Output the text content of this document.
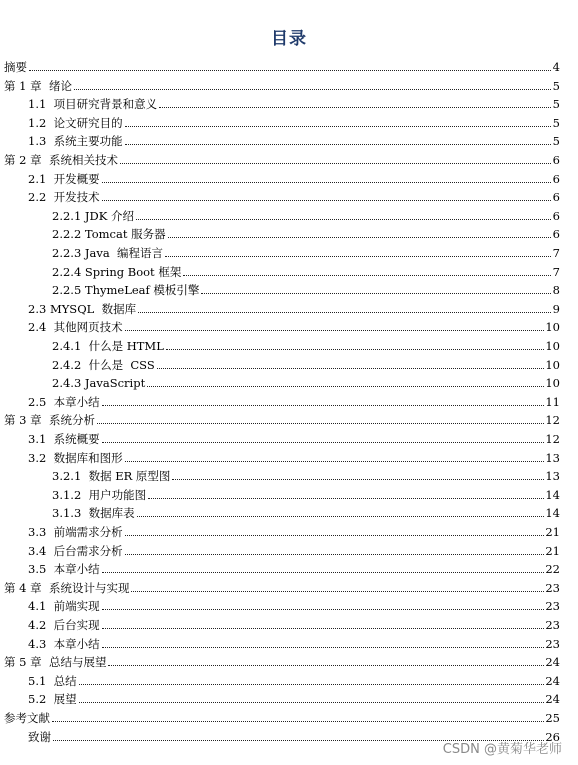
目录
摘要	4
第 1 章  绪论	5
1.1  项目研究背景和意义	5
1.2  论文研究目的	5
1.3  系统主要功能	5
第 2 章  系统相关技术	6
2.1  开发概要	6
2.2  开发技术	6
2.2.1 JDK 介绍	6
2.2.2 Tomcat 服务器	6
2.2.3 Java  编程语言	7
2.2.4 Spring Boot 框架	7
2.2.5 ThymeLeaf 模板引擎	8
2.3 MYSQL  数据库	9
2.4  其他网页技术	10
2.4.1  什么是 HTML	10
2.4.2  什么是  CSS	10
2.4.3 JavaScript	10
2.5  本章小结	11
第 3 章  系统分析	12
3.1  系统概要	12
3.2  数据库和图形	13
3.2.1  数据 ER 原型图	13
3.1.2  用户功能图	14
3.1.3  数据库表	14
3.3  前端需求分析	21
3.4  后台需求分析	21
3.5  本章小结	22
第 4 章  系统设计与实现	23
4.1  前端实现	23
4.2  后台实现	23
4.3  本章小结	23
第 5 章  总结与展望	24
5.1  总结	24
5.2  展望	24
参考文献	25
致谢	26
CSDN @黄菊华老师
